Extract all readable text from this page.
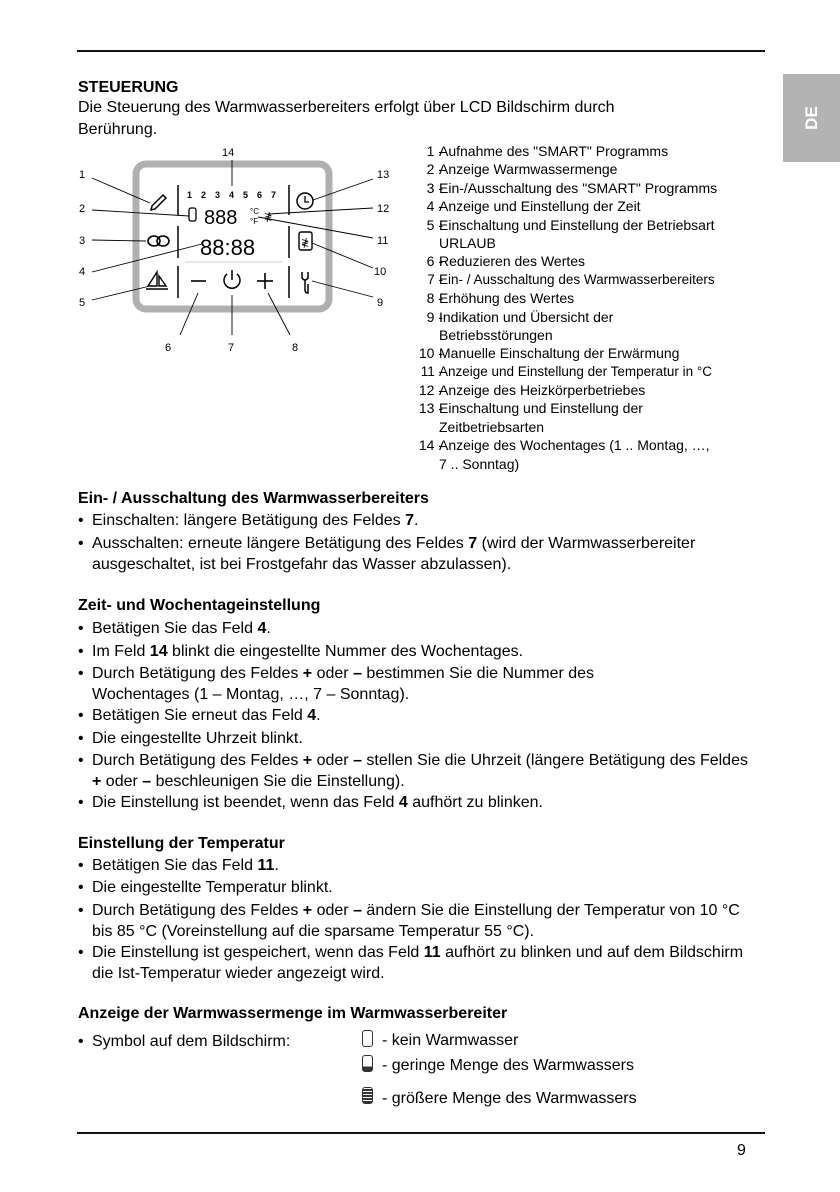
DE
STEUERUNG
Die Steuerung des Warmwasserbereiters erfolgt über LCD Bildschirm durch
Berührung.
1 2 3 4 5 6 7
888 °C
°F ≹
88:88	≹
1
2
3
4
5
6	7	8
9
10
11
12
13
14	1 -
Aufnahme des "SMART" Programms
2 -
Anzeige Warmwassermenge
3 -
Ein-/Ausschaltung des "SMART" Programms
4 -
Anzeige und Einstellung der Zeit
5 -
Einschaltung und Einstellung der Betriebsart
URLAUB
6 -
Reduzieren des Wertes
7 -
Ein- / Ausschaltung des Warmwasserbereiters
8 -
Erhöhung des Wertes
9 -
Indikation und Übersicht der
Betriebsstörungen
10 -
Manuelle Einschaltung der Erwärmung
11 -
Anzeige und Einstellung der Temperatur in °C
12 -
Anzeige des Heizkörperbetriebes
13 -
Einschaltung und Einstellung der
Zeitbetriebsarten
14 -
Anzeige des Wochentages (1 .. Montag, …,
7 .. Sonntag)
Ein- / Ausschaltung des Warmwasserbereiters
• Einschalten: längere Betätigung des Feldes 7.
• Ausschalten: erneute längere Betätigung des Feldes 7 (wird der Warmwasserbereiter ausgeschaltet, ist bei Frostgefahr das Wasser abzulassen).
Zeit- und Wochentageinstellung
• Betätigen Sie das Feld 4.
• Im Feld 14 blinkt die eingestellte Nummer des Wochentages.
• Durch Betätigung des Feldes + oder – bestimmen Sie die Nummer des Wochentages (1 – Montag, …, 7 – Sonntag).
• Betätigen Sie erneut das Feld 4.
• Die eingestellte Uhrzeit blinkt.
• Durch Betätigung des Feldes + oder – stellen Sie die Uhrzeit (längere Betätigung des Feldes + oder – beschleunigen Sie die Einstellung).
• Die Einstellung ist beendet, wenn das Feld 4 aufhört zu blinken.
Einstellung der Temperatur
• Betätigen Sie das Feld 11.
• Die eingestellte Temperatur blinkt.
• Durch Betätigung des Feldes + oder – ändern Sie die Einstellung der Temperatur von 10 °C bis 85 °C (Voreinstellung auf die sparsame Temperatur 55 °C).
• Die Einstellung ist gespeichert, wenn das Feld 11 aufhört zu blinken und auf dem Bildschirm die Ist-Temperatur wieder angezeigt wird.
Anzeige der Warmwassermenge im Warmwasserbereiter
• Symbol auf dem Bildschirm:	- kein Warmwasser
- geringe Menge des Warmwassers
- größere Menge des Warmwassers
9
